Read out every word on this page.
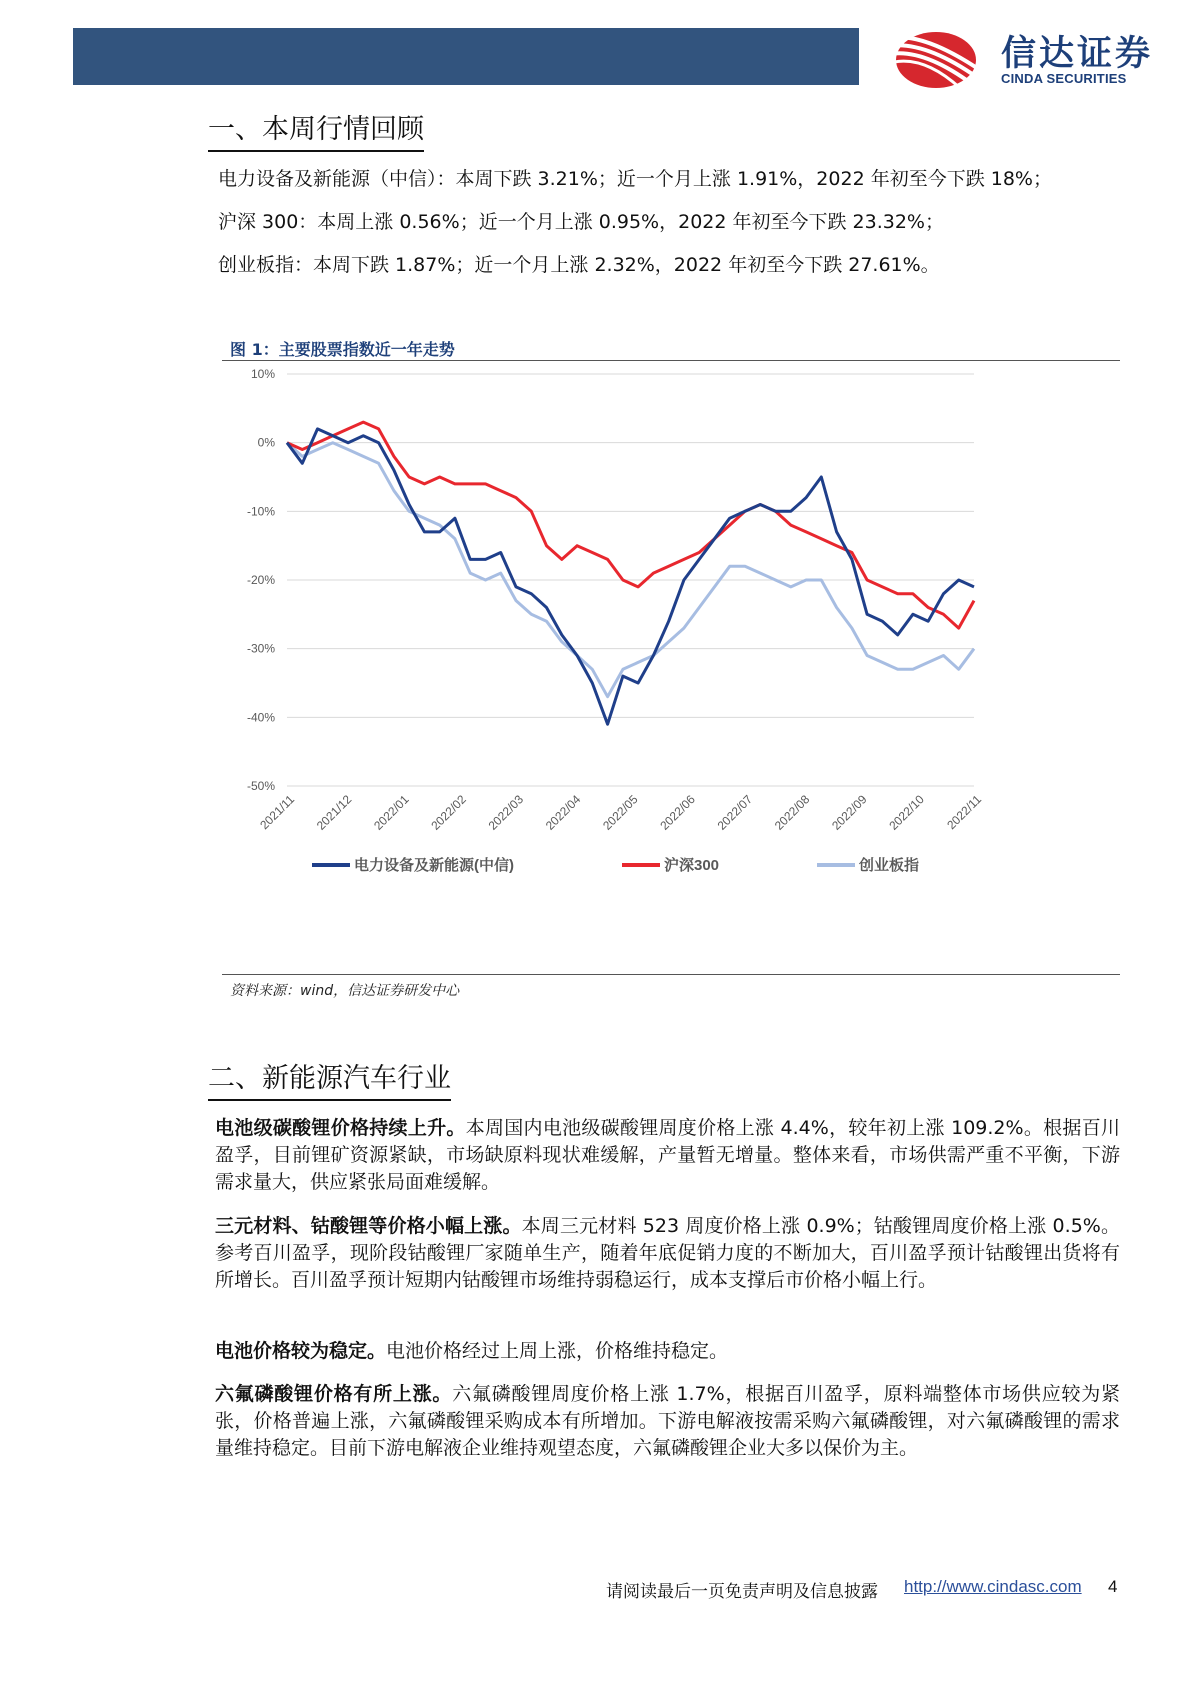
信达证券
CINDA SECURITIES
一、本周行情回顾
电力设备及新能源（中信）：本周下跌 3.21%；近一个月上涨 1.91%，2022 年初至今下跌 18%；
沪深 300：本周上涨 0.56%；近一个月上涨 0.95%，2022 年初至今下跌 23.32%；
创业板指：本周下跌 1.87%；近一个月上涨 2.32%，2022 年初至今下跌 27.61%。
图 1：主要股票指数近一年走势
10%
0%
-10%
-20%
-30%
-40%
-50%
2021/11 2021/12 2022/01 2022/02 2022/03 2022/04 2022/05 2022/06 2022/07 2022/08 2022/09 2022/10 2022/11
电力设备及新能源(中信)	沪深300	创业板指
资料来源：wind，信达证券研发中心
二、新能源汽车行业
电池级碳酸锂价格持续上升。本周国内电池级碳酸锂周度价格上涨 4.4%，较年初上涨 109.2%。根据百川盈孚，目前锂矿资源紧缺，市场缺原料现状难缓解，产量暂无增量。整体来看，市场供需严重不平衡，下游需求量大，供应紧张局面难缓解。
三元材料、钴酸锂等价格小幅上涨。本周三元材料 523 周度价格上涨 0.9%；钴酸锂周度价格上涨 0.5%。参考百川盈孚，现阶段钴酸锂厂家随单生产，随着年底促销力度的不断加大，百川盈孚预计钴酸锂出货将有所增长。百川盈孚预计短期内钴酸锂市场维持弱稳运行，成本支撑后市价格小幅上行。
电池价格较为稳定。电池价格经过上周上涨，价格维持稳定。
六氟磷酸锂价格有所上涨。六氟磷酸锂周度价格上涨 1.7%，根据百川盈孚，原料端整体市场供应较为紧张，价格普遍上涨，六氟磷酸锂采购成本有所增加。下游电解液按需采购六氟磷酸锂，对六氟磷酸锂的需求量维持稳定。目前下游电解液企业维持观望态度，六氟磷酸锂企业大多以保价为主。
请阅读最后一页免责声明及信息披露 http://www.cindasc.com 4
